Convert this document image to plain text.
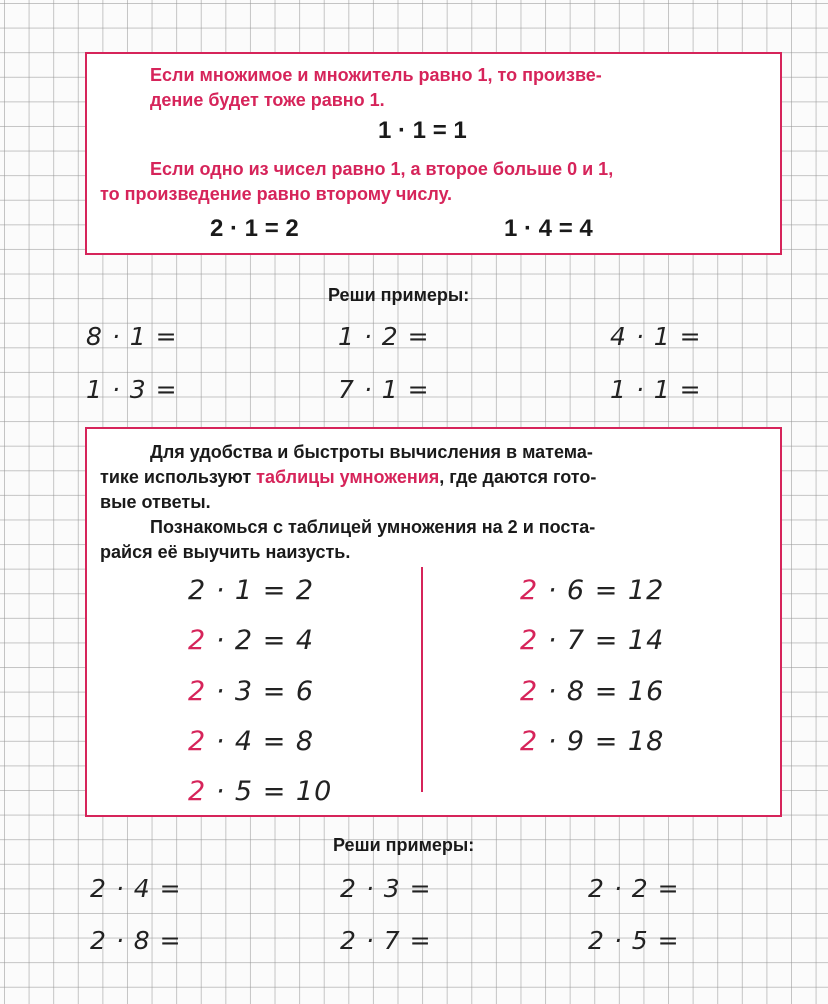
Если множимое и множитель равно 1, то произве-
дение будет тоже равно 1.
1 · 1 = 1
Если одно из чисел равно 1, а второе больше 0 и 1,
то произведение равно второму числу.
2 · 1 = 2	1 · 4 = 4
Реши примеры:
8 · 1 =	1 · 2 =	4 · 1 =
1 · 3 =	7 · 1 =	1 · 1 =
Для удобства и быстроты вычисления в матема-
тике используют таблицы умножения, где даются гото-
вые ответы.
Познакомься с таблицей умножения на 2 и поста-
райся её выучить наизусть.
2 · 1 = 2
2 · 2 = 4
2 · 3 = 6
2 · 4 = 8
2 · 5 = 10
2 · 6 = 12
2 · 7 = 14
2 · 8 = 16
2 · 9 = 18
Реши примеры:
2 · 4 =	2 · 3 =	2 · 2 =
2 · 8 =	2 · 7 =	2 · 5 =
